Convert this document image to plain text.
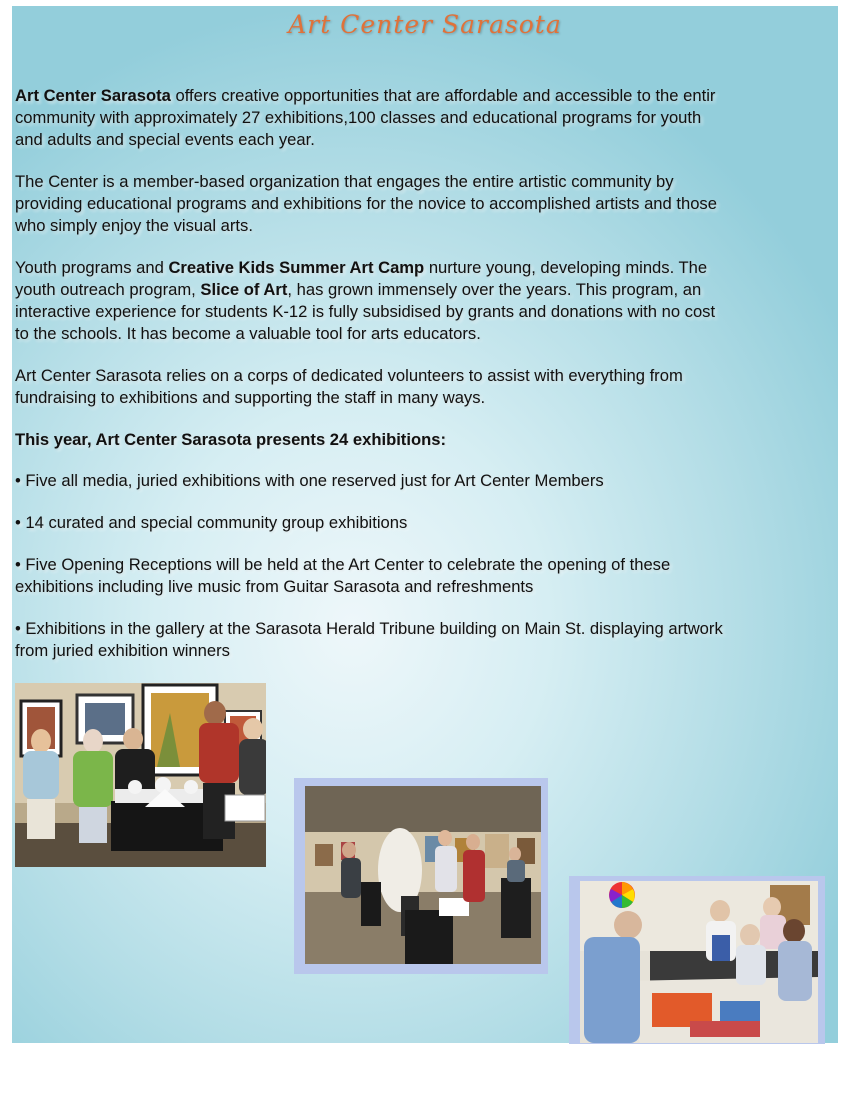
Art Center Sarasota

Art Center Sarasota offers creative opportunities that are affordable and accessible to the entir
community with approximately 27 exhibitions,100 classes and educational programs for youth
and adults and special events each year.

The Center is a member-based organization that engages the entire artistic community by
providing educational programs and exhibitions for the novice to accomplished artists and those
who simply enjoy the visual arts.

Youth programs and Creative Kids Summer Art Camp nurture young, developing minds. The
youth outreach program, Slice of Art, has grown immensely over the years. This program, an
interactive experience for students K-12 is fully subsidised by grants and donations with no cost
to the schools. It has become a valuable tool for arts educators.

Art Center Sarasota relies on a corps of dedicated volunteers to assist with everything from
fundraising to exhibitions and supporting the staff in many ways.

This year, Art Center Sarasota presents 24 exhibitions:

• Five all media, juried exhibitions with one reserved just for Art Center Members

• 14 curated and special community group exhibitions

• Five Opening Receptions will be held at the Art Center to celebrate the opening of these
exhibitions including live music from Guitar Sarasota and refreshments

• Exhibitions in the gallery at the Sarasota Herald Tribune building on Main St. displaying artwork
from juried exhibition winners
